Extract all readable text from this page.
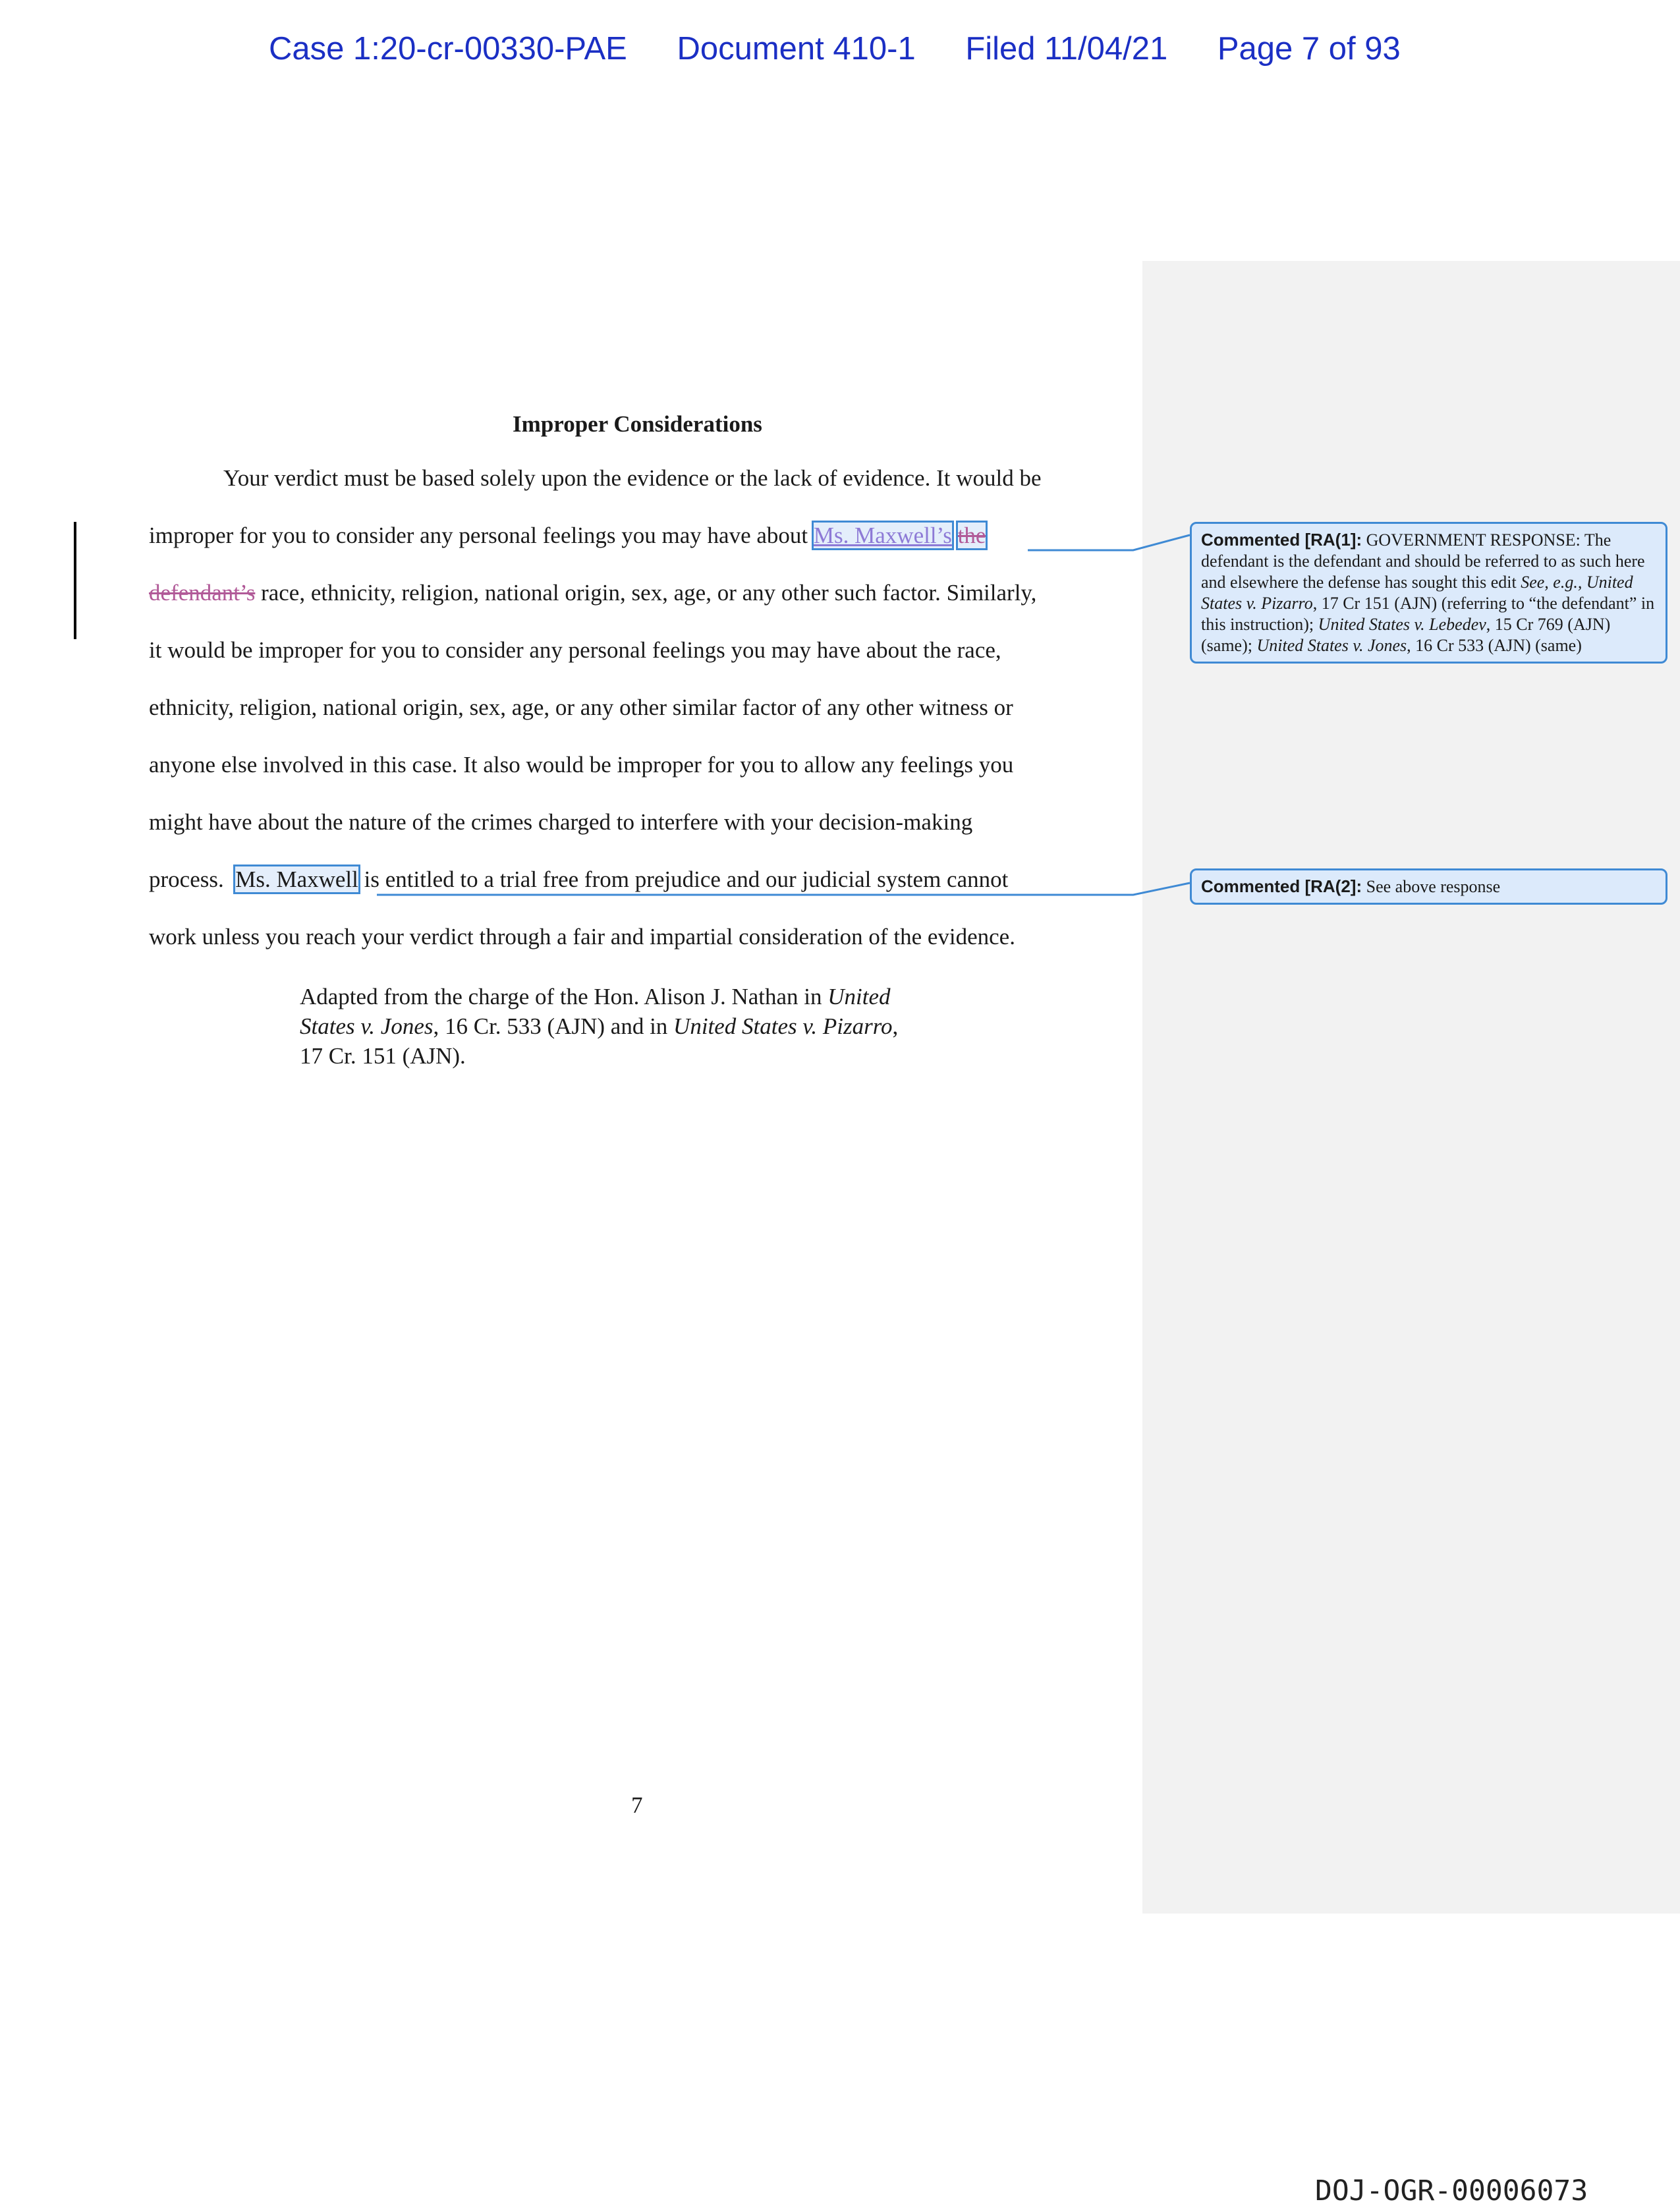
Case 1:20-cr-00330-PAE Document 410-1 Filed 11/04/21 Page 7 of 93
Improper Considerations
Your verdict must be based solely upon the evidence or the lack of evidence. It would be
improper for you to consider any personal feelings you may have about Ms. Maxwell’s the
defendant’s race, ethnicity, religion, national origin, sex, age, or any other such factor. Similarly,
it would be improper for you to consider any personal feelings you may have about the race,
ethnicity, religion, national origin, sex, age, or any other similar factor of any other witness or
anyone else involved in this case. It also would be improper for you to allow any feelings you
might have about the nature of the crimes charged to interfere with your decision-making
process.  Ms. Maxwell is entitled to a trial free from prejudice and our judicial system cannot
work unless you reach your verdict through a fair and impartial consideration of the evidence.
Adapted from the charge of the Hon. Alison J. Nathan in United
States v. Jones, 16 Cr. 533 (AJN) and in United States v. Pizarro,
17 Cr. 151 (AJN).
Commented [RA(1]: GOVERNMENT RESPONSE: The defendant is the defendant and should be referred to as such here and elsewhere the defense has sought this edit See, e.g., United States v. Pizarro, 17 Cr 151 (AJN) (referring to “the defendant” in this instruction); United States v. Lebedev, 15 Cr 769 (AJN) (same); United States v. Jones, 16 Cr 533 (AJN) (same)
Commented [RA(2]: See above response
7
DOJ-OGR-00006073
